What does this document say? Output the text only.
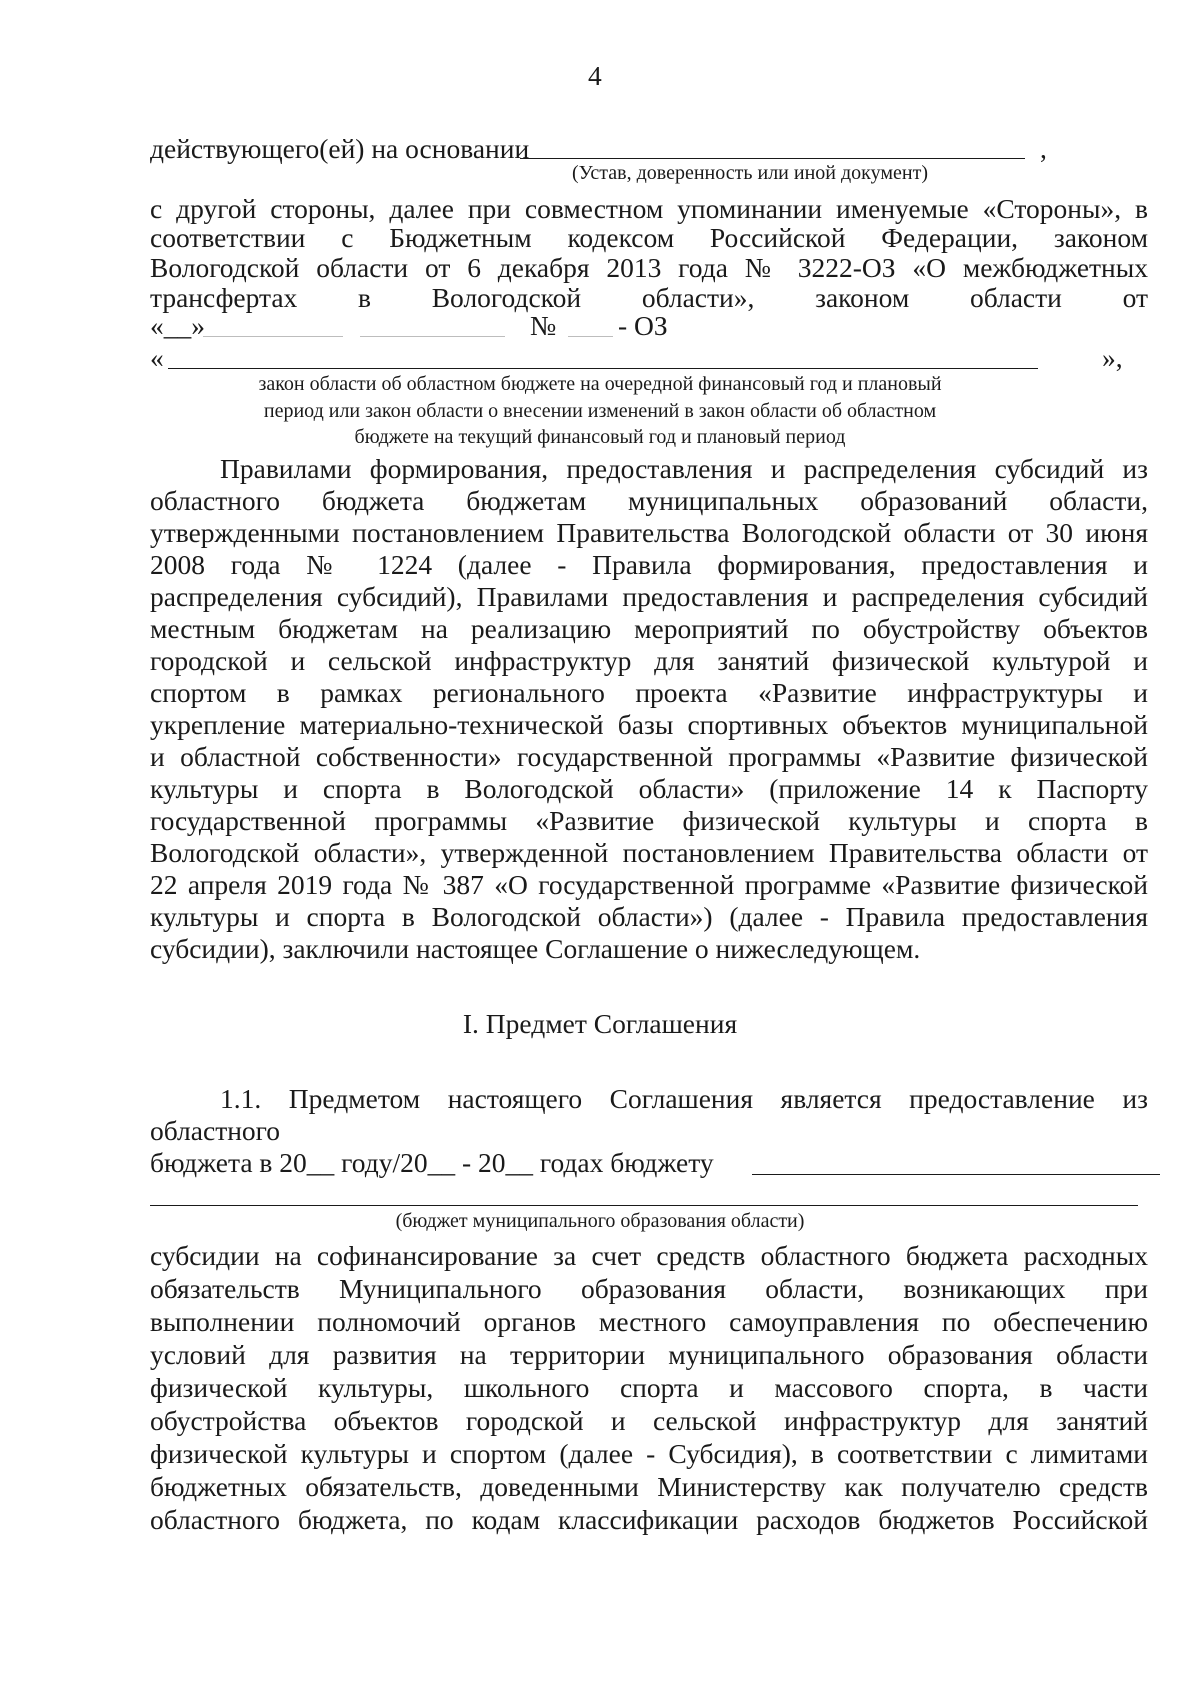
4
действующего(ей) на основании	,
(Устав, доверенность или иной документ)
с другой стороны, далее при совместном упоминании именуемые «Стороны», в
соответствии с Бюджетным кодексом Российской Федерации, законом
Вологодской области от 6 декабря 2013 года № 3222-ОЗ «О межбюджетных
трансфертах в Вологодской области», законом области от
«__»	№ - ОЗ
«	»,
закон области об областном бюджете на очередной финансовый год и плановый
период или закон области о внесении изменений в закон области об областном
бюджете на текущий финансовый год и плановый период
Правилами формирования, предоставления и распределения субсидий из
областного бюджета бюджетам муниципальных образований области,
утвержденными постановлением Правительства Вологодской области от 30 июня
2008 года № 1224 (далее - Правила формирования, предоставления и
распределения субсидий), Правилами предоставления и распределения субсидий
местным бюджетам на реализацию мероприятий по обустройству объектов
городской и сельской инфраструктур для занятий физической культурой и
спортом в рамках регионального проекта «Развитие инфраструктуры и
укрепление материально-технической базы спортивных объектов муниципальной
и областной собственности» государственной программы «Развитие физической
культуры и спорта в Вологодской области» (приложение 14 к Паспорту
государственной программы «Развитие физической культуры и спорта в
Вологодской области», утвержденной постановлением Правительства области от
22 апреля 2019 года № 387 «О государственной программе «Развитие физической
культуры и спорта в Вологодской области») (далее - Правила предоставления
субсидии), заключили настоящее Соглашение о нижеследующем.
I. Предмет Соглашения
1.1. Предметом настоящего Соглашения является предоставление из
областного
бюджета в 20__ году/20__ - 20__ годах бюджету
(бюджет муниципального образования области)
субсидии на софинансирование за счет средств областного бюджета расходных
обязательств Муниципального образования области, возникающих при
выполнении полномочий органов местного самоуправления по обеспечению
условий для развития на территории муниципального образования области
физической культуры, школьного спорта и массового спорта, в части
обустройства объектов городской и сельской инфраструктур для занятий
физической культуры и спортом (далее - Субсидия), в соответствии с лимитами
бюджетных обязательств, доведенными Министерству как получателю средств
областного бюджета, по кодам классификации расходов бюджетов Российской
